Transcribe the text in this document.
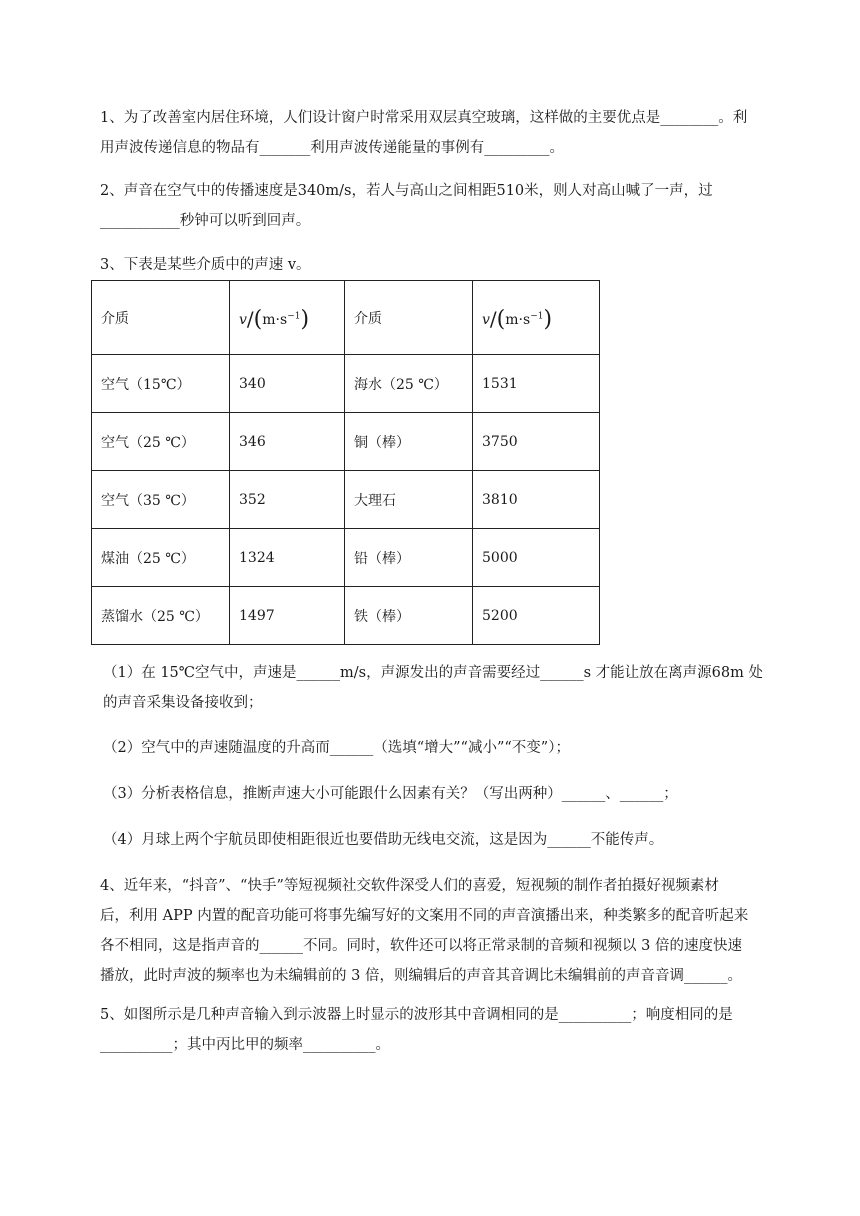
1、为了改善室内居住环境，人们设计窗户时常采用双层真空玻璃，这样做的主要优点是________。利
用声波传递信息的物品有_______利用声波传递能量的事例有_________。

2、声音在空气中的传播速度是340m/s，若人与高山之间相距510米，则人对高山喊了一声，过
___________秒钟可以听到回声。

3、下表是某些介质中的声速 v。

介质	$v/(m\cdot s^{-1})$	介质	$v/(m\cdot s^{-1})$
空气（15℃）	340	海水（25 ℃）	1531
空气（25 ℃）	346	铜（棒）	3750
空气（35 ℃）	352	大理石	3810
煤油（25 ℃）	1324	铅（棒）	5000
蒸馏水（25 ℃）	1497	铁（棒）	5200

（1）在 15℃空气中，声速是______m/s，声源发出的声音需要经过______s 才能让放在离声源68m 处
的声音采集设备接收到；

（2）空气中的声速随温度的升高而______（选填“增大”“减小”“不变”）；

（3）分析表格信息，推断声速大小可能跟什么因素有关？（写出两种）______、______；

（4）月球上两个宇航员即使相距很近也要借助无线电交流，这是因为______不能传声。

4、近年来，“抖音”、“快手”等短视频社交软件深受人们的喜爱，短视频的制作者拍摄好视频素材
后，利用 APP 内置的配音功能可将事先编写好的文案用不同的声音演播出来，种类繁多的配音听起来
各不相同，这是指声音的______不同。同时，软件还可以将正常录制的音频和视频以 3 倍的速度快速
播放，此时声波的频率也为未编辑前的 3 倍，则编辑后的声音其音调比未编辑前的声音音调______。

5、如图所示是几种声音输入到示波器上时显示的波形其中音调相同的是__________；响度相同的是
__________；其中丙比甲的频率__________。
